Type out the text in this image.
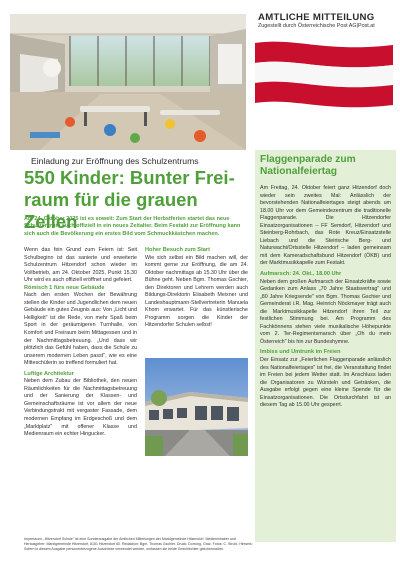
AMTLICHE MITTEILUNG
Zugestellt durch Österreichische Post AG|Post.at
Einladung zur Eröffnung des Schulzentrums
550 Kinder: Bunter Frei-raum für die grauen Zellen
Am 24. Oktober 2025 ist es soweit: Zum Start der Herbstferien startet das neue Schulzentrum auch offiziell in ein neues Zeitalter. Beim Festakt zur Eröffnung kann sich auch die Bevölkerung ein erstes Bild vom Schmuckkästchen machen.
Wenn das fein Grund zum Feiern ist: Seit Schulbeginn ist das sanierte und erweiterte Schulzentrum Hitzendorf schon wieder im Vollbetrieb, am 24. Oktober 2025, Punkt 15.30 Uhr wird es auch offiziell eröffnet und gefeiert.
Römisch 1 fürs neue Gebäude
Nach den ersten Wochen der Bewährung stellen die Kinder und Jugendlichen dem neuen Gebäude ein gutes Zeugnis aus: Von „Licht und Helligkeit" ist die Rede, von mehr Spaß beim Sport in der geräumigeren Turnhalle, von Komfort und Freiraum beim Mittagessen und in der Nachmittagsbetreuung. „Und dass wir plötzlich das Gefühl haben, dass die Schule zu unserem modernen Leben passt", wie es eine Mitteschülerin so treffend formuliert hat.
Luftige Architektur
Neben dem Zubau der Bibliothek, den neuen Räumlichkeiten für die Nachmittagsbetreuung und der Sanierung der Klassen- und Gemeinschaftsräume ist vor allem der neue Verbindungstrakt mit vergaster Fassade, dem modernen Empfang im Erdgeschoß und dem „Marktplatz" mit offener Klasse und Medienraum ein echter Hingucker.
Hoher Besuch zum Start
Wie sich selbst ein Bild machen will, der kommt gerne zur Eröffnung, die am 24. Oktober nachmittags ab 15.30 Uhr über die Bühne geht. Neben Bgm. Thomas Gschier, den Direktoren und Lehrern werden auch Bildungs-Direktorin Elisabeth Meixner und Landeshauptmann-Stellvertreterin Manuela Khom erwartet. Für das künstlerische Programm sorgen die Kinder der Hitzendorfer Schulen selbst!
Flaggenparade zum Nationalfeiertag
Am Freitag, 24. Oktober feiert ganz Hitzendorf doch wieder sein zweites Mal: Anlässlich der bevorstehenden Nationalfeiertages steigt abends um 18.00 Uhr vor dem Gemeindezentrum die traditionelle Flaggenparade. Die Hitzendorfer Einsatzorganisationen – FF Semdorf, Hitzendorf und Steinberg-Rohrbach, das Rote Kreuz/Einsatzstelle Liebach und die Steirische Berg- und Naturwacht/Ortsstelle Hitzendorf – laden gemeinsam mit dem Kameradschaftsbund Hitzendorf (ÖKB) und der Marktmusikkapelle zum Festakt.
Aufmarsch: 24. Okt., 18.00 Uhr
Neben dem großen Aufmarsch der Einsatzkräfte sowie Gedanken zum Anlass „70 Jahre Staatsvertrag" und „80 Jahre Kriegsende" von Bgm. Thomas Gschier und Gemeinderat i.R. Mag. Heinrich Nöckmayer trägt auch die Marktmusikkapelle Hitzendorf ihren Teil zur festlichen Stimmung bei. Am Programm des Fachkönnens stehen viele musikalische Höhepunkte vom 2. Ter-Regimentsmarsch über „Oh du mein Österreich" bis hin zur Bundeshymne.
Imbiss und Umtrunk im Freien
Der Einsatz zur „Feierlichen Flaggenparade anlässlich des Nationalfeiertages" ist frei, die Veranstaltung findet im Freien bei jedem Wetter statt. Im Anschluss laden die Organisatoren zu Würsteln und Getränken, die Ausgabe erfolgt gegen eine kleine Spende für die Einsatzorganisationen. Die Ortsdurchfahrt ist an diesem Tag ab 15.00 Uhr gesperrt.
Impressum: „Hitzendorf Schule" ist eine Sonderausgabe der Amtlichen Mitteilungen der Marktgemeinde Hitzendorf. Medieninhaber und Herausgeber: Marktgemeinde Hitzendorf, 8151 Hitzendorf 60. Redaktion: Bgm. Thomas Gschier. Druck: Dorrong, Graz. Fotos: C. Strobl. Hinweis: Sofern in diesem Ausgabe personenbezogene Ausdrücke verwendet werden, umfassen sie beide Geschlechter gleichermaßen.
